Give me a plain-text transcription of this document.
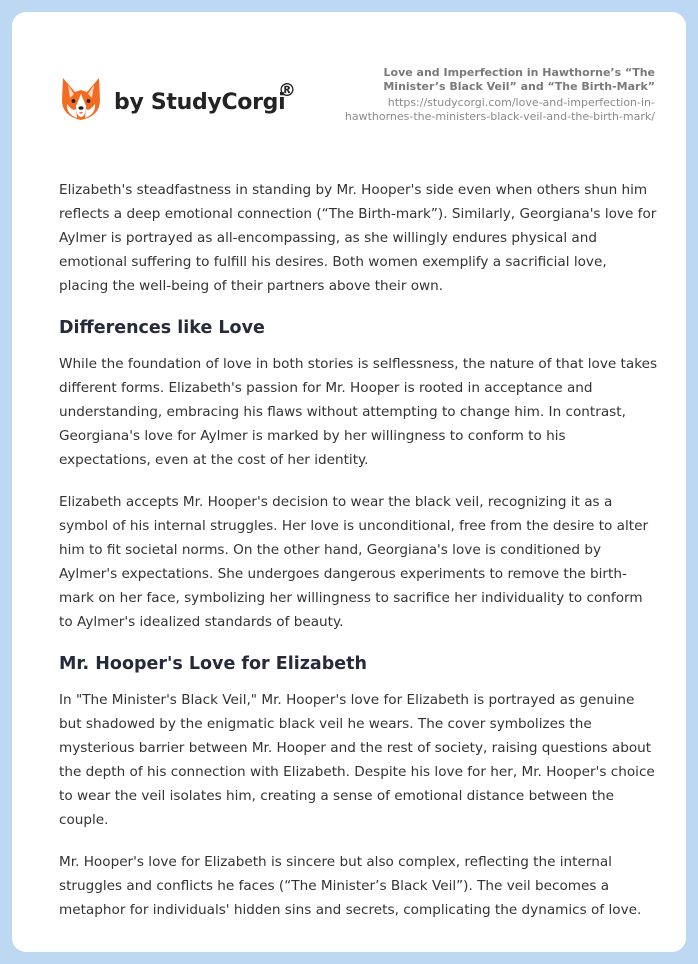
by StudyCorgi
®
Love and Imperfection in Hawthorne’s “The Minister’s Black Veil” and “The Birth-Mark”
https://studycorgi.com/love-and-imperfection-in-hawthornes-the-ministers-black-veil-and-the-birth-mark/

Elizabeth's steadfastness in standing by Mr. Hooper's side even when others shun him reflects a deep emotional connection (“The Birth-mark”). Similarly, Georgiana's love for Aylmer is portrayed as all-encompassing, as she willingly endures physical and emotional suffering to fulfill his desires. Both women exemplify a sacrificial love, placing the well-being of their partners above their own.

Differences like Love

While the foundation of love in both stories is selflessness, the nature of that love takes different forms. Elizabeth's passion for Mr. Hooper is rooted in acceptance and understanding, embracing his flaws without attempting to change him. In contrast, Georgiana's love for Aylmer is marked by her willingness to conform to his expectations, even at the cost of her identity.

Elizabeth accepts Mr. Hooper's decision to wear the black veil, recognizing it as a symbol of his internal struggles. Her love is unconditional, free from the desire to alter him to fit societal norms. On the other hand, Georgiana's love is conditioned by Aylmer's expectations. She undergoes dangerous experiments to remove the birth-mark on her face, symbolizing her willingness to sacrifice her individuality to conform to Aylmer's idealized standards of beauty.

Mr. Hooper's Love for Elizabeth

In "The Minister's Black Veil," Mr. Hooper's love for Elizabeth is portrayed as genuine but shadowed by the enigmatic black veil he wears. The cover symbolizes the mysterious barrier between Mr. Hooper and the rest of society, raising questions about the depth of his connection with Elizabeth. Despite his love for her, Mr. Hooper's choice to wear the veil isolates him, creating a sense of emotional distance between the couple.

Mr. Hooper's love for Elizabeth is sincere but also complex, reflecting the internal struggles and conflicts he faces (“The Minister’s Black Veil”). The veil becomes a metaphor for individuals' hidden sins and secrets, complicating the dynamics of love.
